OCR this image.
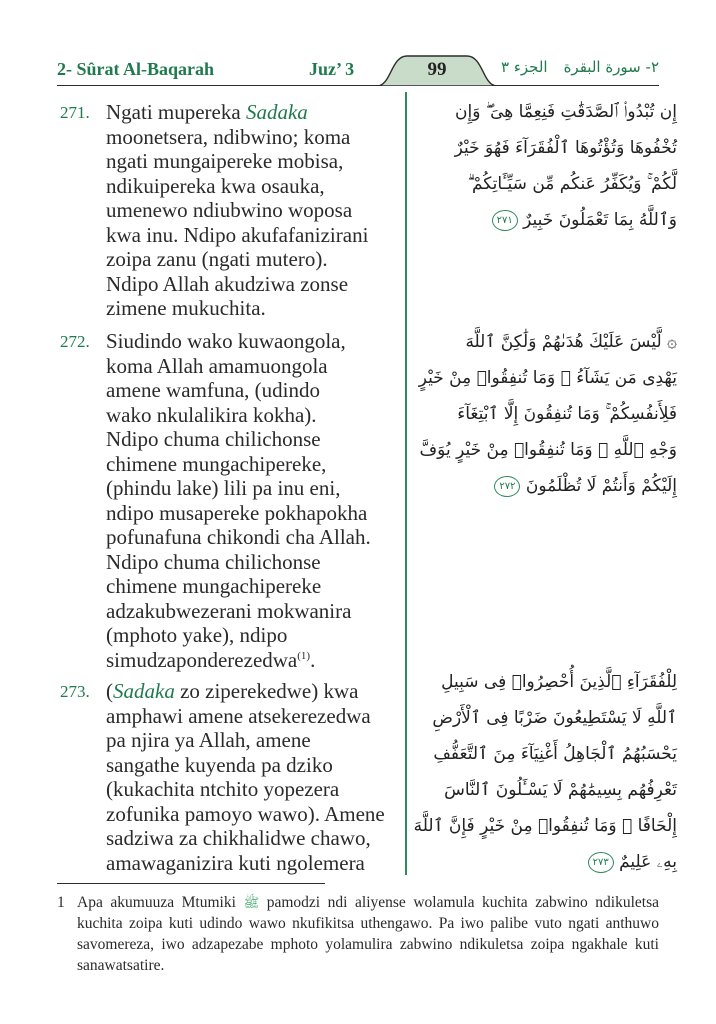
2- Sûrat Al-Baqarah	Juz’ 3	99	الجزء ٣ ٢- سورة البقرة
271. Ngati mupereka Sadaka
moonetsera, ndibwino; koma
ngati mungaipereke mobisa,
ndikuipereka kwa osauka,
umenewo ndiubwino woposa
kwa inu. Ndipo akufafanizirani
zoipa zanu (ngati mutero).
Ndipo Allah akudziwa zonse
zimene mukuchita.
إِن تُبْدُوا۟ ٱلصَّدَقَٰتِ فَنِعِمَّا هِىَ ۖ وَإِن
تُخْفُوهَا وَتُؤْتُوهَا ٱلْفُقَرَآءَ فَهُوَ خَيْرٌ
لَّكُمْ ۚ وَيُكَفِّرُ عَنكُم مِّن سَيِّـَٔاتِكُمْ ۗ
وَٱللَّهُ بِمَا تَعْمَلُونَ خَبِيرٌ ٢٧١
272. Siudindo wako kuwaongola,
koma Allah amamuongola
amene wamfuna, (udindo
wako nkulalikira kokha).
Ndipo chuma chilichonse
chimene mungachipereke,
(phindu lake) lili pa inu eni,
ndipo musapereke pokhapokha
pofunafuna chikondi cha Allah.
Ndipo chuma chilichonse
chimene mungachipereke
adzakubwezerani mokwanira
(mphoto yake), ndipo
simudzaponderezedwa$^{(1)}$.
۞ لَّيْسَ عَلَيْكَ هُدَىٰهُمْ وَلَٰكِنَّ ٱللَّهَ
يَهْدِى مَن يَشَآءُ ۗ وَمَا تُنفِقُوا۟ مِنْ خَيْرٍ
فَلِأَنفُسِكُمْ ۚ وَمَا تُنفِقُونَ إِلَّا ٱبْتِغَآءَ
وَجْهِ ٱللَّهِ ۚ وَمَا تُنفِقُوا۟ مِنْ خَيْرٍ يُوَفَّ
إِلَيْكُمْ وَأَنتُمْ لَا تُظْلَمُونَ ٢٧٢
273. (Sadaka zo ziperekedwe) kwa
amphawi amene atsekerezedwa
pa njira ya Allah, amene
sangathe kuyenda pa dziko
(kukachita ntchito yopezera
zofunika pamoyo wawo). Amene
sadziwa za chikhalidwe chawo,
amawaganizira kuti ngolemera
لِلْفُقَرَآءِ ٱلَّذِينَ أُحْصِرُوا۟ فِى سَبِيلِ
ٱللَّهِ لَا يَسْتَطِيعُونَ ضَرْبًا فِى ٱلْأَرْضِ
يَحْسَبُهُمُ ٱلْجَاهِلُ أَغْنِيَآءَ مِنَ ٱلتَّعَفُّفِ
تَعْرِفُهُم بِسِيمَٰهُمْ لَا يَسْـَٔلُونَ ٱلنَّاسَ
إِلْحَافًا ۗ وَمَا تُنفِقُوا۟ مِنْ خَيْرٍ فَإِنَّ ٱللَّهَ
بِهِۦ عَلِيمٌ ٢٧٣
1 Apa akumuuza Mtumiki ﷺ pamodzi ndi aliyense wolamula kuchita zabwino ndikuletsa kuchita zoipa kuti udindo wawo nkufikitsa uthengawo. Pa iwo palibe vuto ngati anthuwo savomereza, iwo adzapezabe mphoto yolamulira zabwino ndikuletsa zoipa ngakhale kuti sanawatsatire.
